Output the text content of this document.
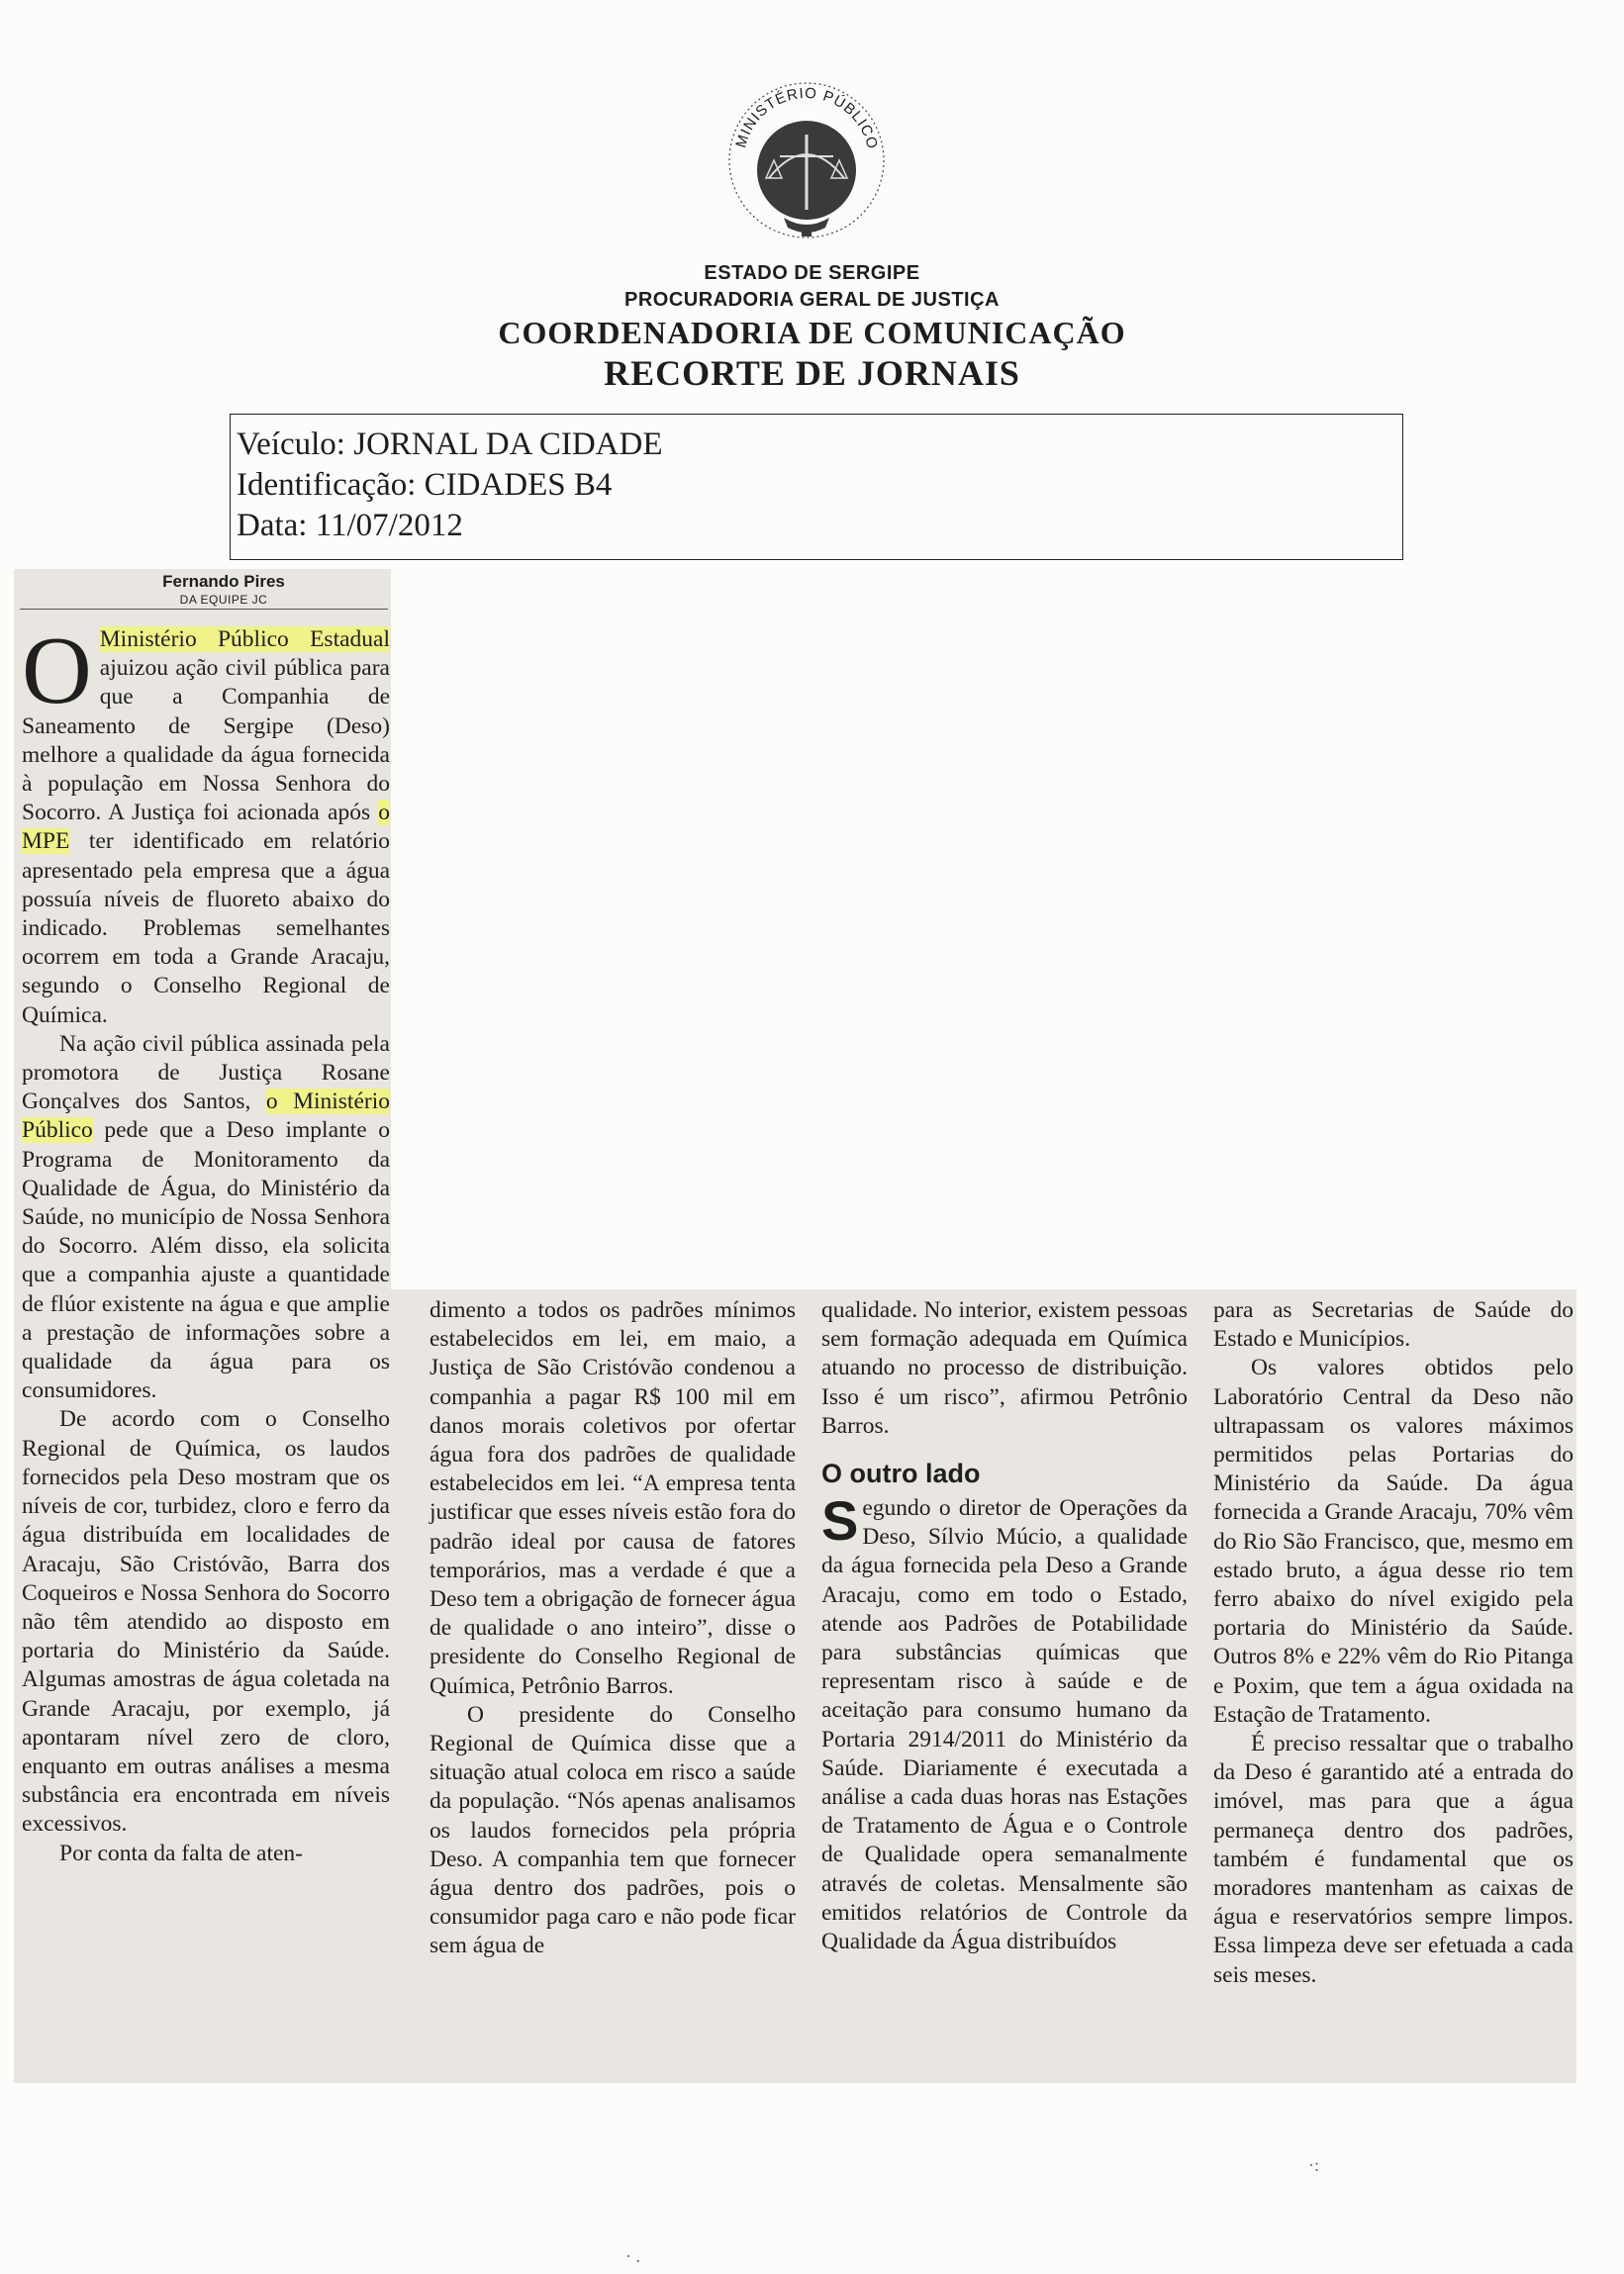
MINISTÉRIO PÚBLICO
ESTADO DE SERGIPE
PROCURADORIA GERAL DE JUSTIÇA
COORDENADORIA DE COMUNICAÇÃO
RECORTE DE JORNAIS
Veículo: JORNAL DA CIDADE
Identificação: CIDADES B4
Data: 11/07/2012
Fernando Pires
DA EQUIPE JC

O Ministério Público Estadual ajuizou ação civil pública para que a Companhia de Saneamento de Sergipe (Deso) melhore a qualidade da água fornecida à população em Nossa Senhora do Socorro. A Justiça foi acionada após o MPE ter identificado em relatório apresentado pela empresa que a água possuía níveis de fluoreto abaixo do indicado. Problemas semelhantes ocorrem em toda a Grande Aracaju, segundo o Conselho Regional de Química.

Na ação civil pública assinada pela promotora de Justiça Rosane Gonçalves dos Santos, o Ministério Público pede que a Deso implante o Programa de Monitoramento da Qualidade de Água, do Ministério da Saúde, no município de Nossa Senhora do Socorro. Além disso, ela solicita que a companhia ajuste a quantidade de flúor existente na água e que amplie a prestação de informações sobre a qualidade da água para os consumidores.

De acordo com o Conselho Regional de Química, os laudos fornecidos pela Deso mostram que os níveis de cor, turbidez, cloro e ferro da água distribuída em localidades de Aracaju, São Cristóvão, Barra dos Coqueiros e Nossa Senhora do Socorro não têm atendido ao disposto em portaria do Ministério da Saúde. Algumas amostras de água coletada na Grande Aracaju, por exemplo, já apontaram nível zero de cloro, enquanto em outras análises a mesma substância era encontrada em níveis excessivos.

Por conta da falta de aten-

dimento a todos os padrões mínimos estabelecidos em lei, em maio, a Justiça de São Cristóvão condenou a companhia a pagar R$ 100 mil em danos morais coletivos por ofertar água fora dos padrões de qualidade estabelecidos em lei. “A empresa tenta justificar que esses níveis estão fora do padrão ideal por causa de fatores temporários, mas a verdade é que a Deso tem a obrigação de fornecer água de qualidade o ano inteiro”, disse o presidente do Conselho Regional de Química, Petrônio Barros.

O presidente do Conselho Regional de Química disse que a situação atual coloca em risco a saúde da população. “Nós apenas analisamos os laudos fornecidos pela própria Deso. A companhia tem que fornecer água dentro dos padrões, pois o consumidor paga caro e não pode ficar sem água de

qualidade. No interior, existem pessoas sem formação adequada em Química atuando no processo de distribuição. Isso é um risco”, afirmou Petrônio Barros.

O outro lado

Segundo o diretor de Operações da Deso, Sílvio Múcio, a qualidade da água fornecida pela Deso a Grande Aracaju, como em todo o Estado, atende aos Padrões de Potabilidade para substâncias químicas que representam risco à saúde e de aceitação para consumo humano da Portaria 2914/2011 do Ministério da Saúde. Diariamente é executada a análise a cada duas horas nas Estações de Tratamento de Água e o Controle de Qualidade opera semanalmente através de coletas. Mensalmente são emitidos relatórios de Controle da Qualidade da Água distribuídos

para as Secretarias de Saúde do Estado e Municípios.

Os valores obtidos pelo Laboratório Central da Deso não ultrapassam os valores máximos permitidos pelas Portarias do Ministério da Saúde. Da água fornecida a Grande Aracaju, 70% vêm do Rio São Francisco, que, mesmo em estado bruto, a água desse rio tem ferro abaixo do nível exigido pela portaria do Ministério da Saúde. Outros 8% e 22% vêm do Rio Pitanga e Poxim, que tem a água oxidada na Estação de Tratamento.

É preciso ressaltar que o trabalho da Deso é garantido até a entrada do imóvel, mas para que a água permaneça dentro dos padrões, também é fundamental que os moradores mantenham as caixas de água e reservatórios sempre limpos. Essa limpeza deve ser efetuada a cada seis meses.

·:
· .
